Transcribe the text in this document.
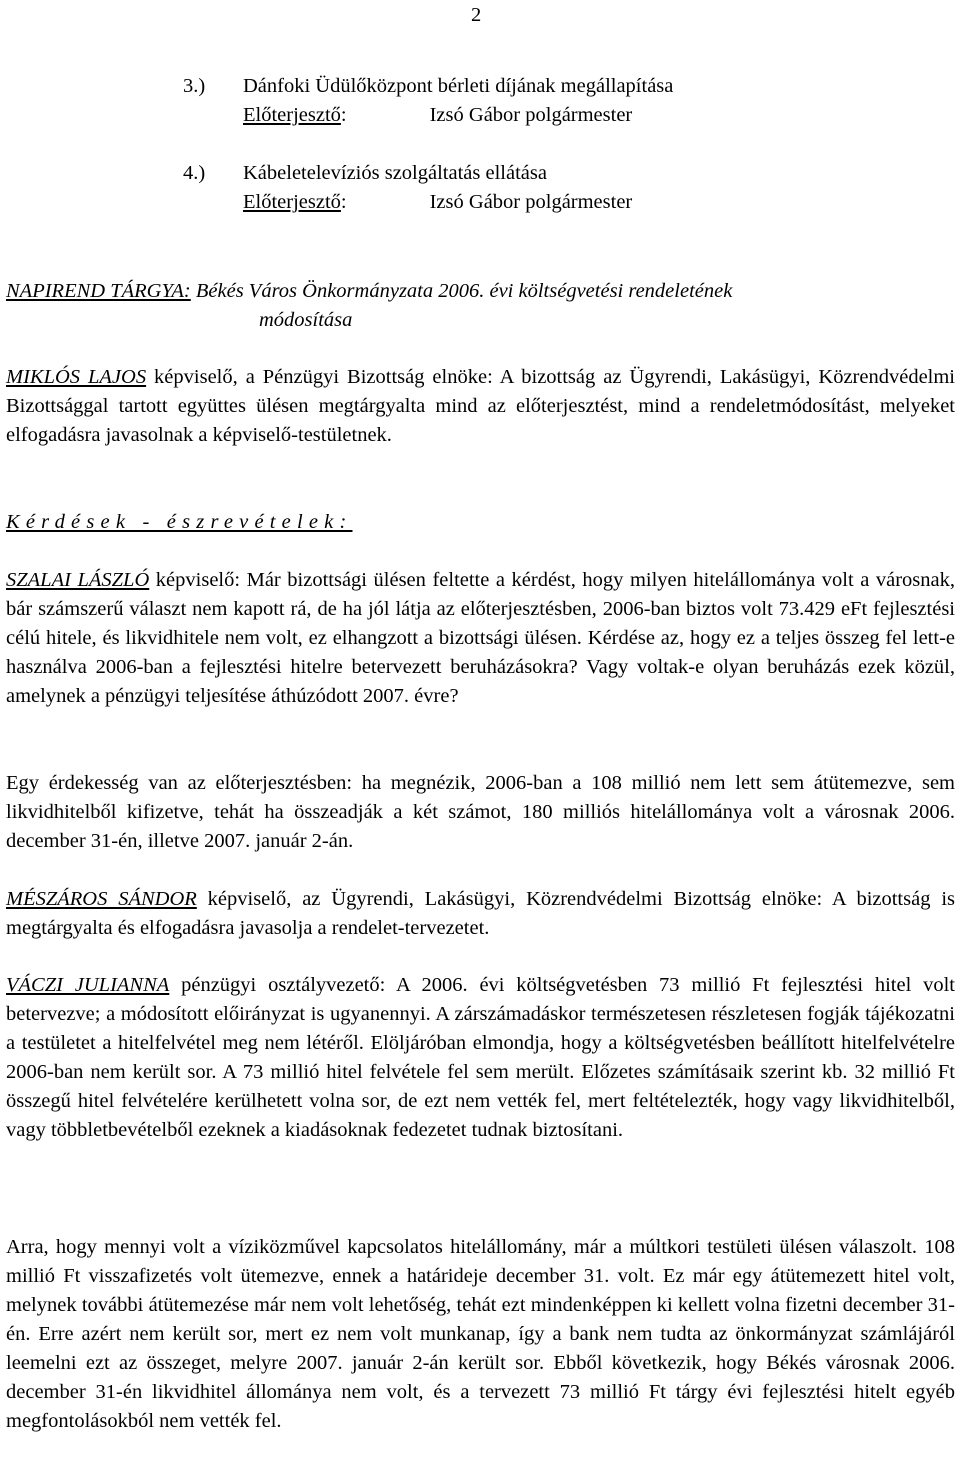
2
3.) Dánfoki Üdülőközpont bérleti díjának megállapítása
Előterjesztő:	Izsó Gábor polgármester
4.) Kábeletelevíziós szolgáltatás ellátása
Előterjesztő:	Izsó Gábor polgármester
NAPIREND TÁRGYA: Békés Város Önkormányzata 2006. évi költségvetési rendeletének
módosítása

MIKLÓS LAJOS képviselő, a Pénzügyi Bizottság elnöke: A bizottság az Ügyrendi, Lakásügyi, Közrendvédelmi Bizottsággal tartott együttes ülésen megtárgyalta mind az előterjesztést, mind a rendeletmódosítást, melyeket elfogadásra javasolnak a képviselő-testületnek.

Kérdések - észrevételek:

SZALAI LÁSZLÓ képviselő: Már bizottsági ülésen feltette a kérdést, hogy milyen hitelállománya volt a városnak, bár számszerű választ nem kapott rá, de ha jól látja az előterjesztésben, 2006-ban biztos volt 73.429 eFt fejlesztési célú hitele, és likvidhitele nem volt, ez elhangzott a bizottsági ülésen. Kérdése az, hogy ez a teljes összeg fel lett-e használva 2006-ban a fejlesztési hitelre betervezett beruházásokra? Vagy voltak-e olyan beruházás ezek közül, amelynek a pénzügyi teljesítése áthúzódott 2007. évre?

Egy érdekesség van az előterjesztésben: ha megnézik, 2006-ban a 108 millió nem lett sem átütemezve, sem likvidhitelből kifizetve, tehát ha összeadják a két számot, 180 milliós hitelállománya volt a városnak 2006. december 31-én, illetve 2007. január 2-án.

MÉSZÁROS SÁNDOR képviselő, az Ügyrendi, Lakásügyi, Közrendvédelmi Bizottság elnöke: A bizottság is megtárgyalta és elfogadásra javasolja a rendelet-tervezetet.

VÁCZI JULIANNA pénzügyi osztályvezető: A 2006. évi költségvetésben 73 millió Ft fejlesztési hitel volt betervezve; a módosított előirányzat is ugyanennyi. A zárszámadáskor természetesen részletesen fogják tájékozatni a testületet a hitelfelvétel meg nem létéről. Elöljáróban elmondja, hogy a költségvetésben beállított hitelfelvételre 2006-ban nem került sor. A 73 millió hitel felvétele fel sem merült. Előzetes számításaik szerint kb. 32 millió Ft összegű hitel felvételére kerülhetett volna sor, de ezt nem vették fel, mert feltételezték, hogy vagy likvidhitelből, vagy többletbevételből ezeknek a kiadásoknak fedezetet tudnak biztosítani.

Arra, hogy mennyi volt a víziközművel kapcsolatos hitelállomány, már a múltkori testületi ülésen válaszolt. 108 millió Ft visszafizetés volt ütemezve, ennek a határideje december 31. volt. Ez már egy átütemezett hitel volt, melynek további átütemezése már nem volt lehetőség, tehát ezt mindenképpen ki kellett volna fizetni december 31-én. Erre azért nem került sor, mert ez nem volt munkanap, így a bank nem tudta az önkormányzat számlájáról leemelni ezt az összeget, melyre 2007. január 2-án került sor. Ebből következik, hogy Békés városnak 2006. december 31-én likvidhitel állománya nem volt, és a tervezett 73 millió Ft tárgy évi fejlesztési hitelt egyéb megfontolásokból nem vették fel.
